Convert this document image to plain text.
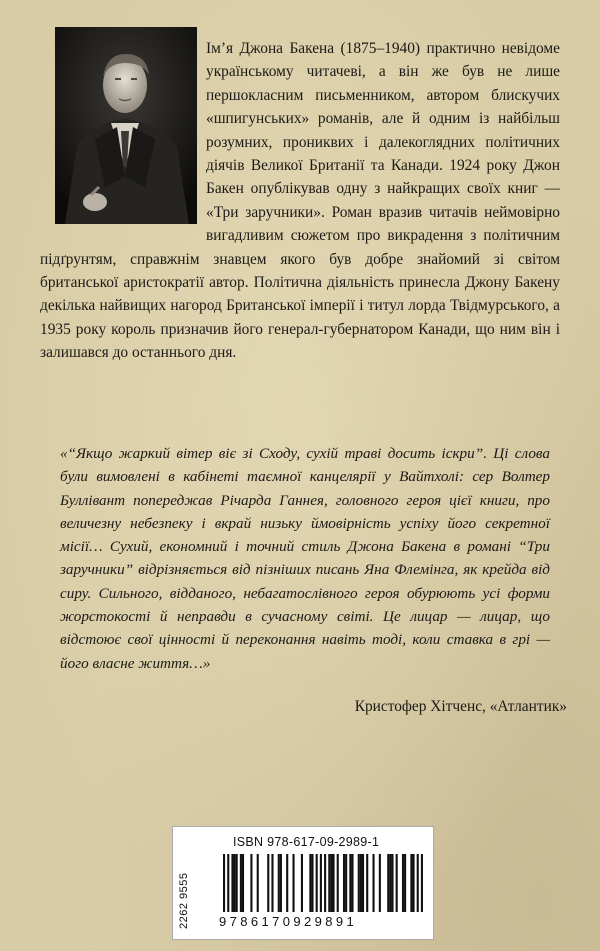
Ім’я Джона Бакена (1875–1940) практично невідоме українському читачеві, а він же був не лише першокласним письменником, автором блискучих «шпигунських» романів, але й одним із найбільш розумних, прониквих і далекоглядних політичних діячів Великої Британії та Канади. 1924 року Джон Бакен опублікував одну з найкращих своїх книг — «Три заручники». Роман вразив читачів неймовірно вигадливим сюжетом про викрадення з політичним підґрунтям, справжнім знавцем якого був добре знайомий зі світом британської аристократії автор. Політична діяльність принесла Джону Бакену декілька найвищих нагород Британської імперії і титул лорда Твідмурського, а 1935 року король призначив його генерал-губернатором Канади, що ним він і залишався до останнього дня.

«“Якщо жаркий вітер віє зі Сходу, сухій траві досить іскри”. Ці слова були вимовлені в кабінеті таємної канцелярії у Вайтхолі: сер Волтер Буллівант попереджав Річарда Ганнея, головного героя цієї книги, про величезну небезпеку і вкрай низьку ймовірність успіху його секретної місії… Сухий, економний і точний стиль Джона Бакена в романі “Три заручники” відрізняється від пізніших писань Яна Флемінга, як крейда від сиру. Сильного, відданого, небагатослівного героя обурюють усі форми жорстокості й неправди в сучасному світі. Це лицар — лицар, що відстоює свої цінності й переконання навіть тоді, коли ставка в грі — його власне життя…»

Кристофер Хітченс, «Атлантик»
ISBN 978-617-09-2989-1
2262 9555 9786170929891
